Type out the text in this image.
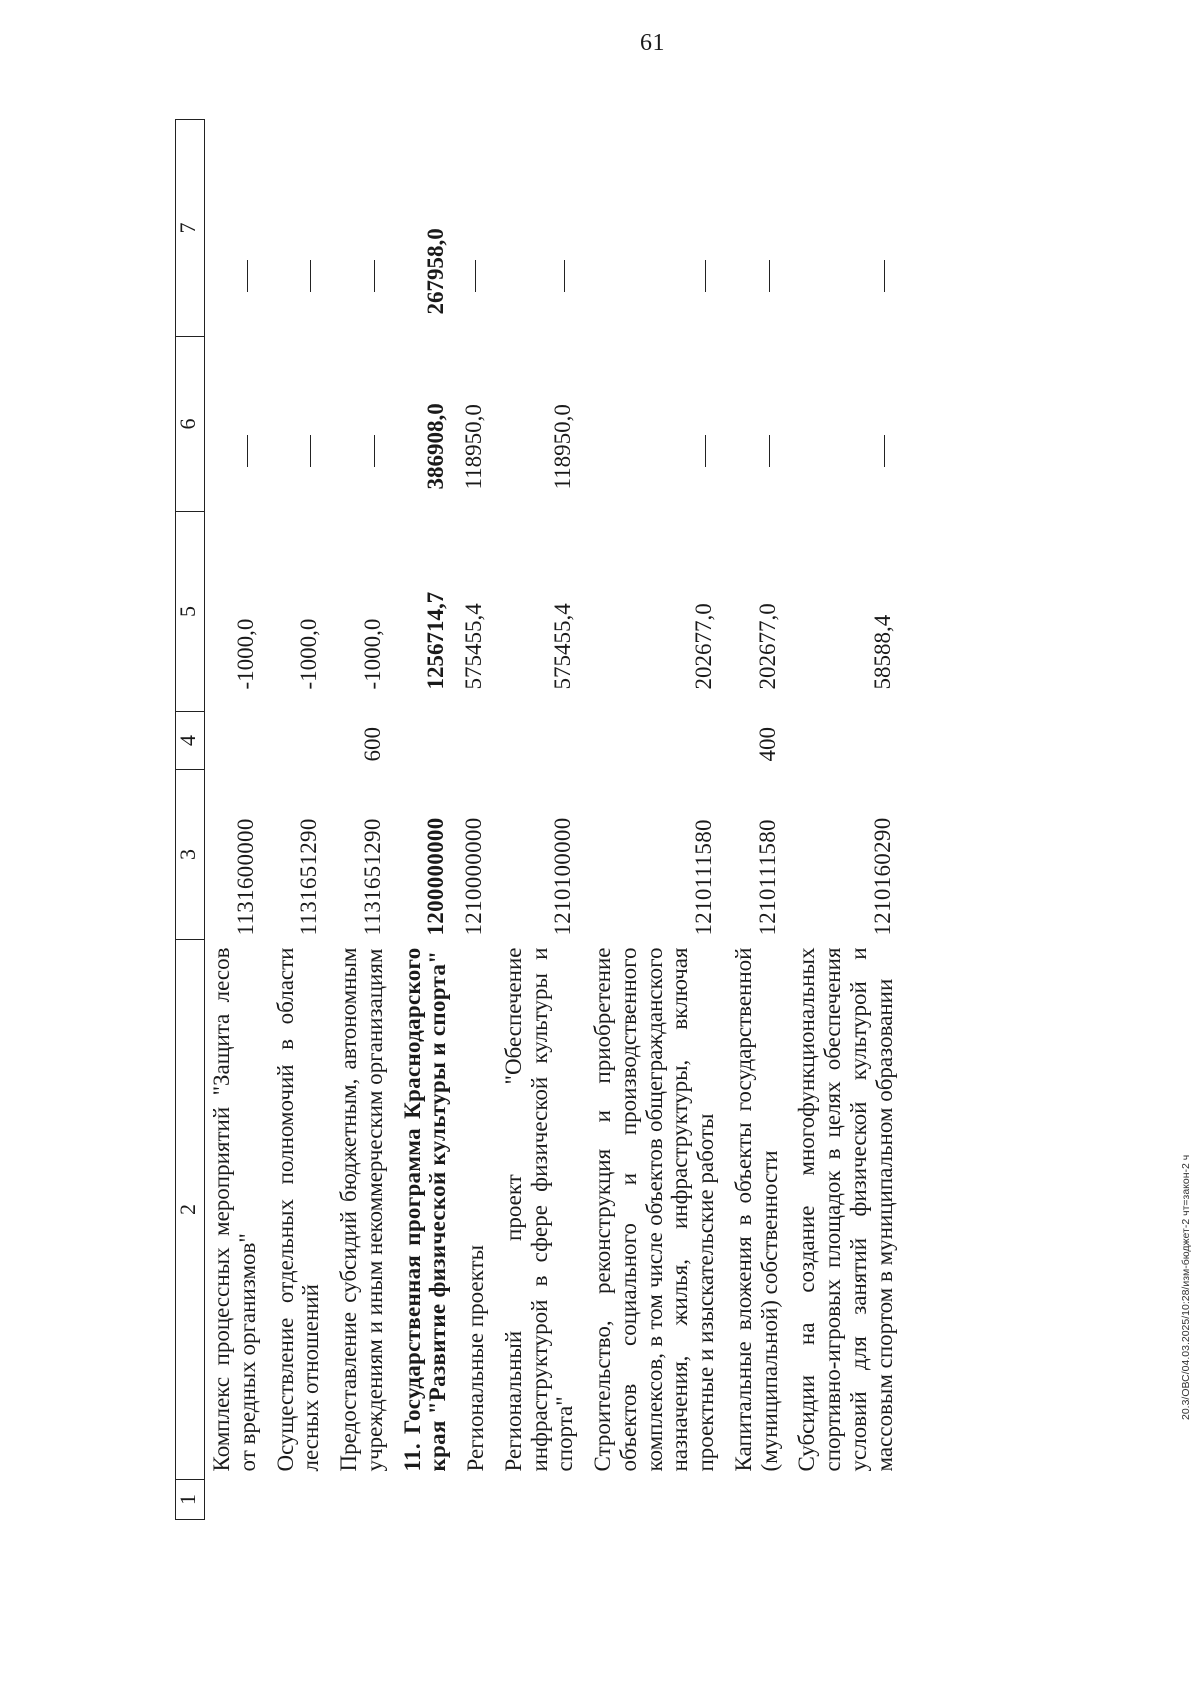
61
1	2	3	4	5	6	7
	Комплекс процессных мероприятий "Защита лесов от вредных организмов"	1131600000		-1000,0		
	Осуществление отдельных полномочий в области лесных отношений	1131651290		-1000,0		
	Предоставление субсидий бюджетным, автономным учреждениям и иным некоммерческим организациям	1131651290	600	-1000,0		
	11. Государственная программа Краснодарского края "Развитие физической культуры и спорта"	1200000000		1256714,7	386908,0	267958,0
	Региональные проекты	1210000000		575455,4	118950,0	
	Региональный проект "Обеспечение инфраструктурой в сфере физической культуры и спорта"	1210100000		575455,4	118950,0	
	Строительство, реконструкция и приобретение объектов социального и производственного комплексов, в том числе объектов общегражданского назначения, жилья, инфраструктуры, включая проектные и изыскательские работы	1210111580		202677,0		
	Капитальные вложения в объекты государственной (муниципальной) собственности	1210111580	400	202677,0		
	Субсидии на создание многофункциональных спортивно-игровых площадок в целях обеспечения условий для занятий физической культурой и массовым спортом в муниципальном образовании	1210160290		58588,4		
20.3/ОВС/04.03.2025/10:28/изм-бюджет-2 чт=закон-2 ч
